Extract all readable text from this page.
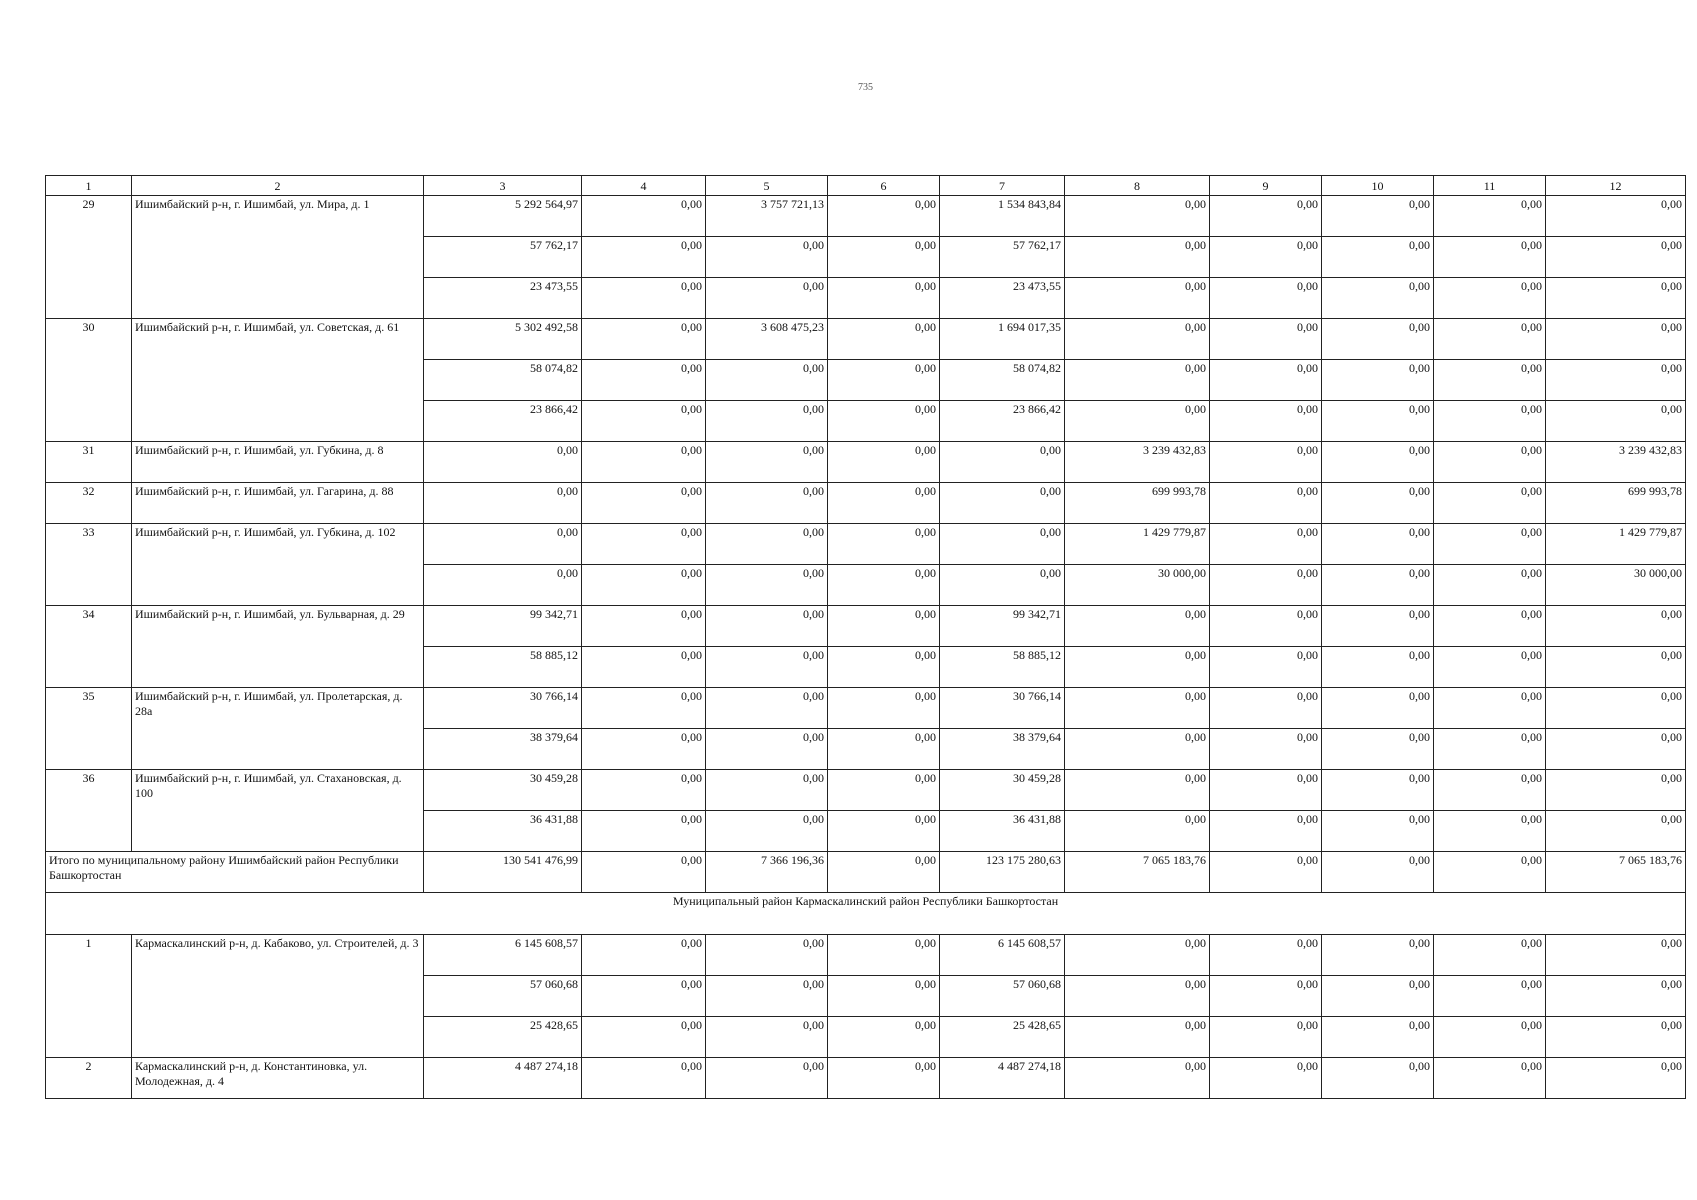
735
1	2	3	4	5	6	7	8	9	10	11	12
29	Ишимбайский р-н, г. Ишимбай, ул. Мира, д. 1	5 292 564,97	0,00	3 757 721,13	0,00	1 534 843,84	0,00	0,00	0,00	0,00	0,00
		57 762,17	0,00	0,00	0,00	57 762,17	0,00	0,00	0,00	0,00	0,00
		23 473,55	0,00	0,00	0,00	23 473,55	0,00	0,00	0,00	0,00	0,00
30	Ишимбайский р-н, г. Ишимбай, ул. Советская, д. 61	5 302 492,58	0,00	3 608 475,23	0,00	1 694 017,35	0,00	0,00	0,00	0,00	0,00
		58 074,82	0,00	0,00	0,00	58 074,82	0,00	0,00	0,00	0,00	0,00
		23 866,42	0,00	0,00	0,00	23 866,42	0,00	0,00	0,00	0,00	0,00
31	Ишимбайский р-н, г. Ишимбай, ул. Губкина, д. 8	0,00	0,00	0,00	0,00	0,00	3 239 432,83	0,00	0,00	0,00	3 239 432,83
32	Ишимбайский р-н, г. Ишимбай, ул. Гагарина, д. 88	0,00	0,00	0,00	0,00	0,00	699 993,78	0,00	0,00	0,00	699 993,78
33	Ишимбайский р-н, г. Ишимбай, ул. Губкина, д. 102	0,00	0,00	0,00	0,00	0,00	1 429 779,87	0,00	0,00	0,00	1 429 779,87
		0,00	0,00	0,00	0,00	0,00	30 000,00	0,00	0,00	0,00	30 000,00
34	Ишимбайский р-н, г. Ишимбай, ул. Бульварная, д. 29	99 342,71	0,00	0,00	0,00	99 342,71	0,00	0,00	0,00	0,00	0,00
		58 885,12	0,00	0,00	0,00	58 885,12	0,00	0,00	0,00	0,00	0,00
35	Ишимбайский р-н, г. Ишимбай, ул. Пролетарская, д. 28а	30 766,14	0,00	0,00	0,00	30 766,14	0,00	0,00	0,00	0,00	0,00
		38 379,64	0,00	0,00	0,00	38 379,64	0,00	0,00	0,00	0,00	0,00
36	Ишимбайский р-н, г. Ишимбай, ул. Стахановская, д. 100	30 459,28	0,00	0,00	0,00	30 459,28	0,00	0,00	0,00	0,00	0,00
		36 431,88	0,00	0,00	0,00	36 431,88	0,00	0,00	0,00	0,00	0,00
Итого по муниципальному району Ишимбайский район Республики Башкортостан		130 541 476,99	0,00	7 366 196,36	0,00	123 175 280,63	7 065 183,76	0,00	0,00	0,00	7 065 183,76
Муниципальный район Кармаскалинский район Республики Башкортостан											
1	Кармаскалинский р-н, д. Кабаково, ул. Строителей, д. 3	6 145 608,57	0,00	0,00	0,00	6 145 608,57	0,00	0,00	0,00	0,00	0,00
		57 060,68	0,00	0,00	0,00	57 060,68	0,00	0,00	0,00	0,00	0,00
		25 428,65	0,00	0,00	0,00	25 428,65	0,00	0,00	0,00	0,00	0,00
2	Кармаскалинский р-н, д. Константиновка, ул. Молодежная, д. 4	4 487 274,18	0,00	0,00	0,00	4 487 274,18	0,00	0,00	0,00	0,00	0,00
